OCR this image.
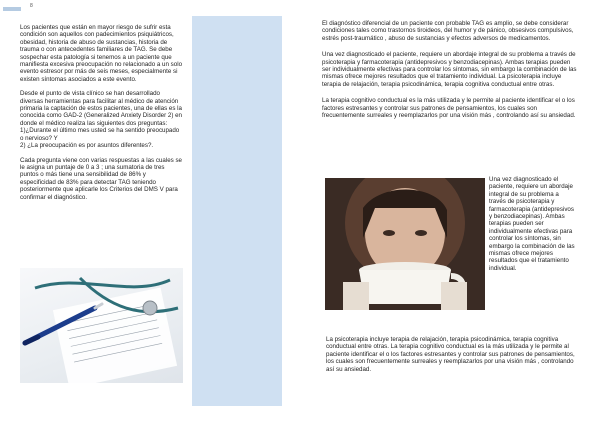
8

Los pacientes que están en mayor riesgo de sufrir esta condición son aquellos con padecimientos psiquiátricos, obesidad, historia de abuso de sustancias, historia de trauma o con antecedentes familiares de TAG. Se debe sospechar esta patología si tenemos a un paciente que manifiesta excesiva preocupación no relacionado a un solo evento estresor por más de seis meses, especialmente si existen síntomas asociados a este evento.

Desde el punto de vista clínico se han desarrollado diversas herramientas para facilitar al médico de atención primaria la captación de estos pacientes, una de ellas es la conocida como GAD-2 (Generalized Anxiety Disorder 2) en donde el médico realiza las siguientes dos preguntas:
1)¿Durante el último mes usted se ha sentido preocupado o nervioso? Y
2) ¿La preocupación es por asuntos diferentes?.

Cada pregunta viene con varias respuestas a las cuales se le asigna un puntaje de 0 a 3 ; una sumatoria de tres puntos o más tiene una sensibilidad de 86% y especificidad de 83% para detectar TAG teniendo posteriormente que aplicarle los Criterios del DMS V para confirmar el diagnóstico.

El diagnóstico diferencial de un paciente con probable TAG es amplio, se debe considerar condiciones tales como trastornos tiroideos, del humor y de pánico, obsesivos compulsivos, estrés post-traumático , abuso de sustancias y efectos adversos de medicamentos.

Una vez diagnosticado el paciente, requiere un abordaje integral de su problema a través de psicoterapia y farmacoterapia (antidepresivos y benzodiacepinas). Ambas terapias pueden ser individualmente efectivas para controlar los síntomas, sin embargo la combinación de las mismas ofrece mejores resultados que el tratamiento individual. La psicoterapia incluye terapia de relajación, terapia psicodinámica, terapia cognitiva conductual entre otras.

La terapia cognitivo conductual es la más utilizada y le permite al paciente identificar el o los factores estresantes y controlar sus patrones de pensamientos, los cuales son frecuentemente surreales y reemplazarlos por una visión más , controlando así su ansiedad.

Una vez diagnosticado el paciente, requiere un abordaje integral de su problema a través de psicoterapia y farmacoterapia (antidepresivos y benzodiacepinas). Ambas terapias pueden ser individualmente efectivas para controlar los síntomas, sin embargo la combinación de las mismas ofrece mejores resultados que el tratamiento individual.

La psicoterapia incluye terapia de relajación, terapia psicodinámica, terapia cognitiva conductual entre otras. La terapia cognitivo conductual es la más utilizada y le permite al paciente identificar el o los factores estresantes y controlar sus patrones de pensamientos, los cuales son frecuentemente surreales y reemplazarlos por una visión más , controlando así su ansiedad.
